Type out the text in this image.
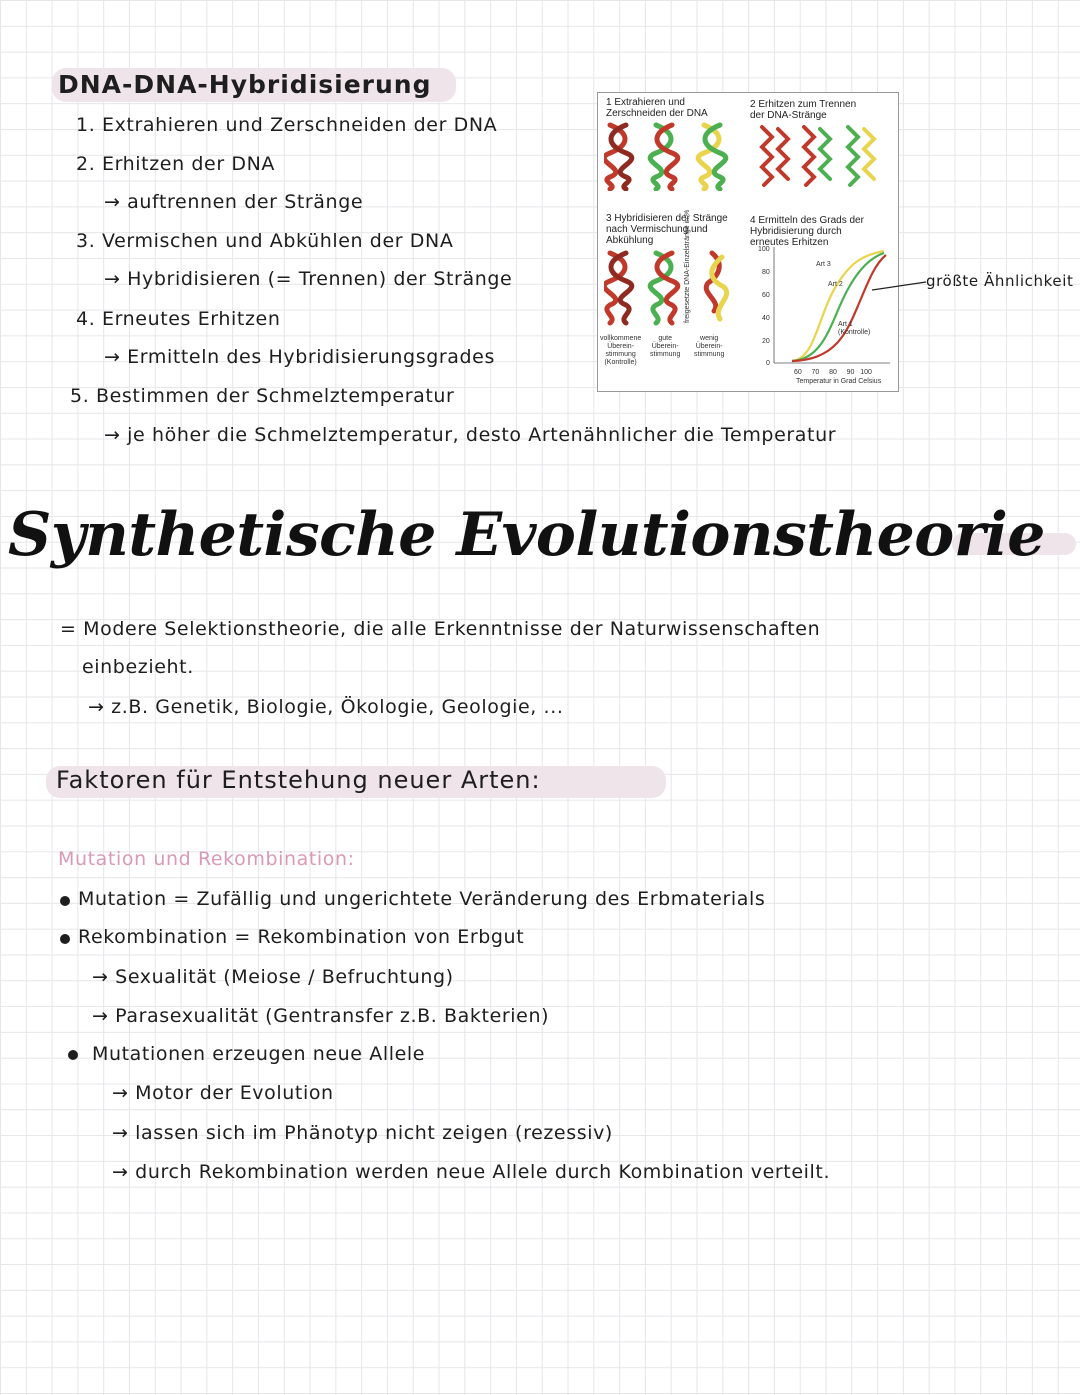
DNA-DNA-Hybridisierung
1. Extrahieren und Zerschneiden der DNA
2. Erhitzen der DNA
→ auftrennen der Stränge
3. Vermischen und Abkühlen der DNA
→ Hybridisieren (= Trennen) der Stränge
4. Erneutes Erhitzen
→ Ermitteln des Hybridisierungsgrades
5. Bestimmen der Schmelztemperatur
→ je höher die Schmelztemperatur, desto Artenähnlicher die Temperatur
1 Extrahieren und
Zerschneiden der DNA
2 Erhitzen zum Trennen
der DNA-Stränge
3 Hybridisieren der Stränge
nach Vermischung und
Abkühlung
4 Ermitteln des Grads der
Hybridisierung durch
erneutes Erhitzen
vollkommene
Überein-
stimmung
(Kontrolle)
gute
Überein-
stimmung
wenig
Überein-
stimmung
freigesetzte DNA-Einzelstränge in %	100
80
60
40
20
0
Art 3
Art 2
Art 1
(Kontrolle)
60 70 80 90 100
Temperatur in Grad Celsius
größte Ähnlichkeit
Synthetische Evolutionstheorie
= Modere Selektionstheorie, die alle Erkenntnisse der Naturwissenschaften
einbezieht.
→ z.B. Genetik, Biologie, Ökologie, Geologie, ...
Faktoren für Entstehung neuer Arten:
Mutation und Rekombination:
Mutation = Zufällig und ungerichtete Veränderung des Erbmaterials
Rekombination = Rekombination von Erbgut
→ Sexualität (Meiose / Befruchtung)
→ Parasexualität (Gentransfer z.B. Bakterien)
Mutationen erzeugen neue Allele
→ Motor der Evolution
→ lassen sich im Phänotyp nicht zeigen (rezessiv)
→ durch Rekombination werden neue Allele durch Kombination verteilt.
